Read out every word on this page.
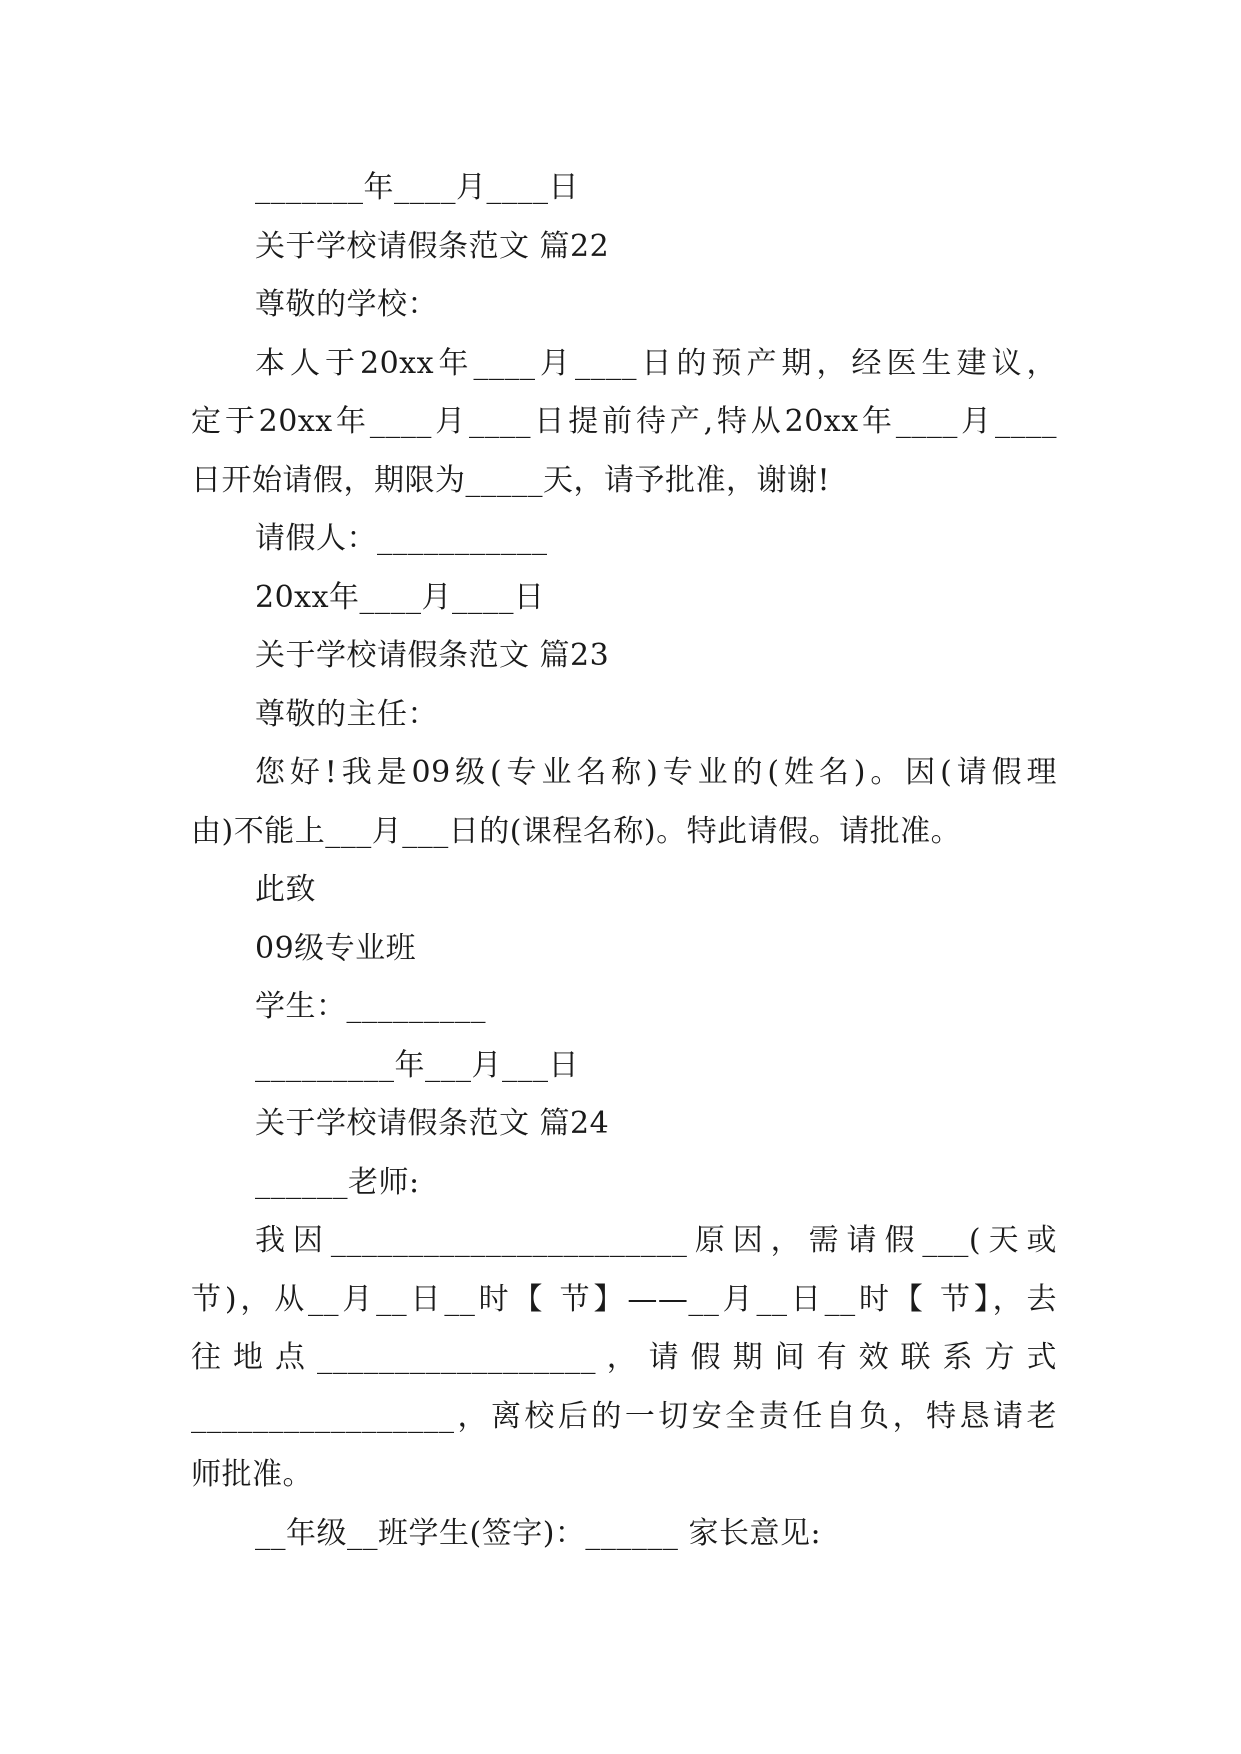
_______年____月____日
关于学校请假条范文 篇22
尊敬的学校：
本人于20xx年____月____日的预产期，经医生建议，
定于20xx年____月____日提前待产,特从20xx年____月____
日开始请假，期限为_____天，请予批准，谢谢!
请假人：___________
20xx年____月____日
关于学校请假条范文 篇23
尊敬的主任：
您好!我是09级(专业名称)专业的(姓名)。因(请假理
由)不能上___月___日的(课程名称)。特此请假。请批准。
此致
09级专业班
学生：_________
_________年___月___日
关于学校请假条范文 篇24
______老师:
我因_______________________原因，需请假___(天或
节)，从__月__日__时【 节】——__月__日__时【 节】，去
往 地 点 __________________ ， 请 假 期 间 有 效 联 系 方 式
_________________，离校后的一切安全责任自负，特恳请老
师批准。
__年级__班学生(签字)：______ 家长意见:
